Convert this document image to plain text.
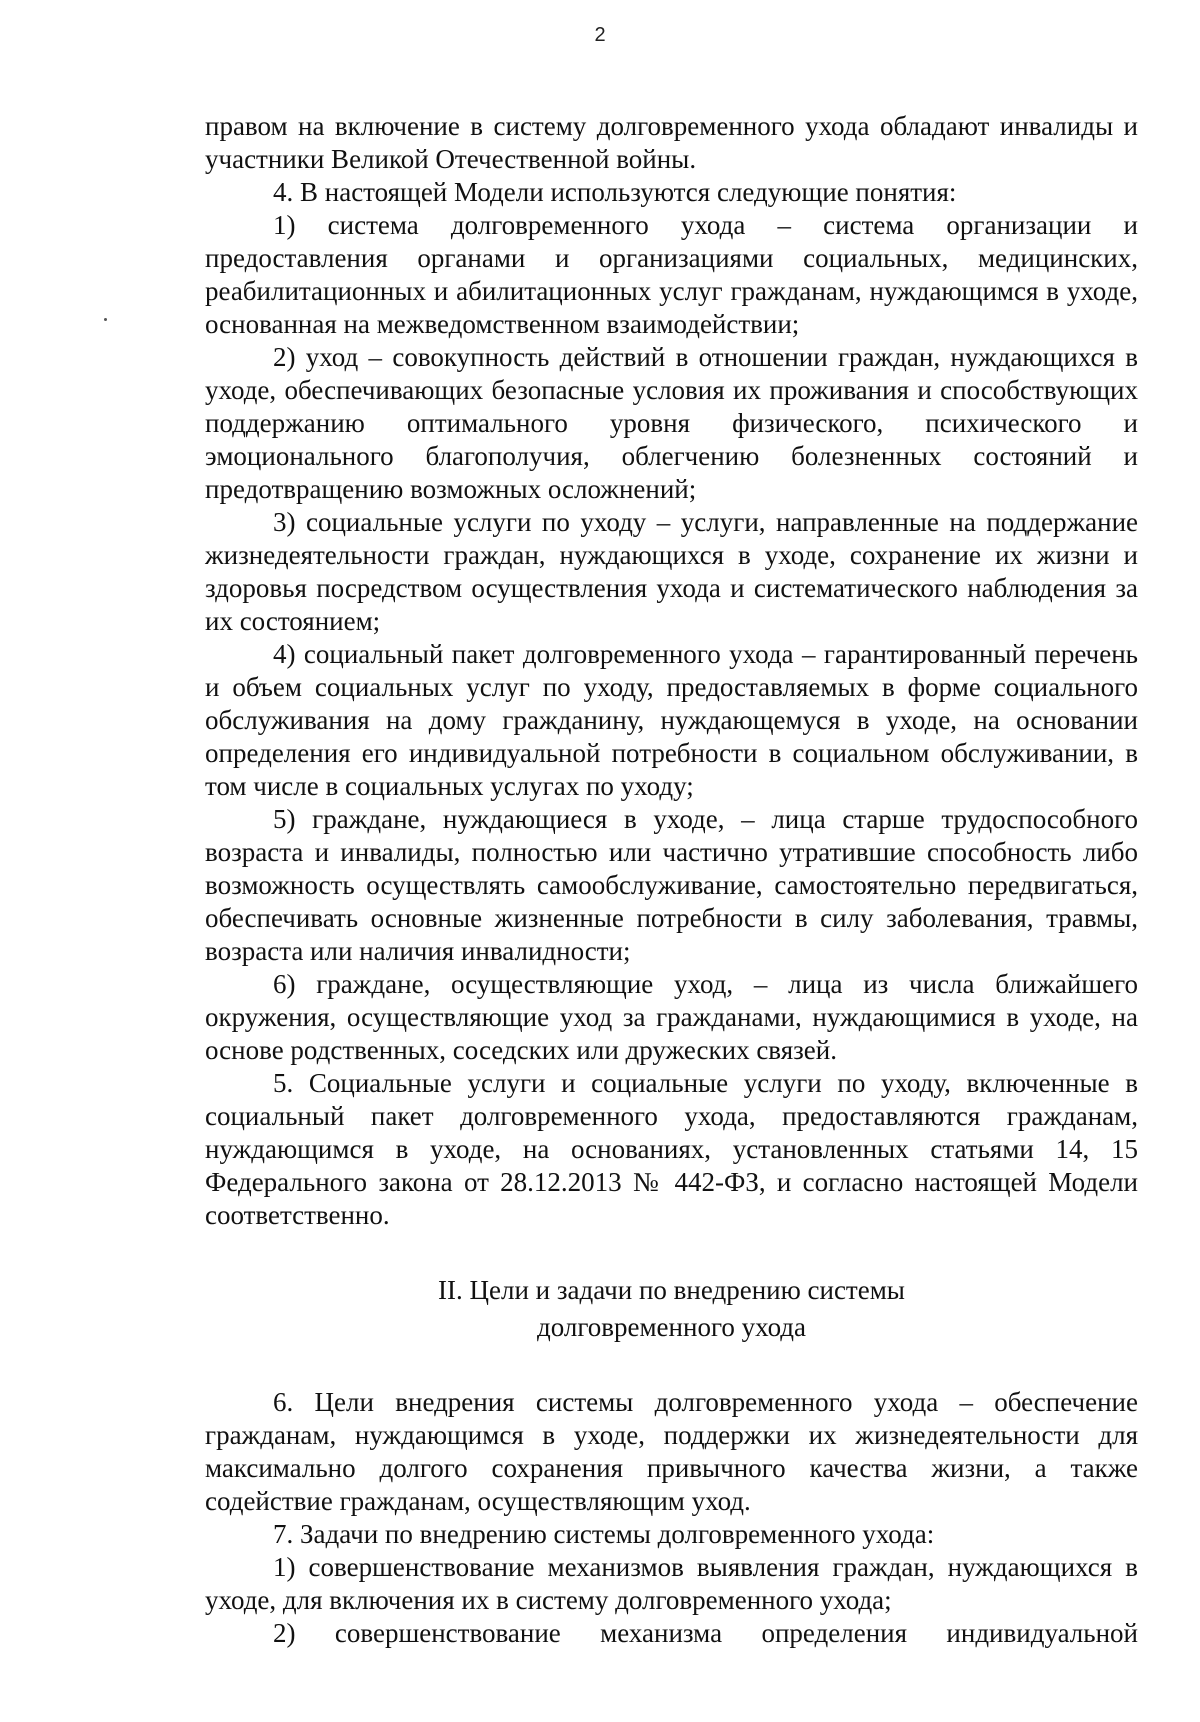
2

правом на включение в систему долговременного ухода обладают инвалиды и участники Великой Отечественной войны.

4. В настоящей Модели используются следующие понятия:

1) система долговременного ухода – система организации и предоставления органами и организациями социальных, медицинских, реабилитационных и абилитационных услуг гражданам, нуждающимся в уходе, основанная на межведомственном взаимодействии;

2) уход – совокупность действий в отношении граждан, нуждающихся в уходе, обеспечивающих безопасные условия их проживания и способствующих поддержанию оптимального уровня физического, психического и эмоционального благополучия, облегчению болезненных состояний и предотвращению возможных осложнений;

3) социальные услуги по уходу – услуги, направленные на поддержание жизнедеятельности граждан, нуждающихся в уходе, сохранение их жизни и здоровья посредством осуществления ухода и систематического наблюдения за их состоянием;

4) социальный пакет долговременного ухода – гарантированный перечень и объем социальных услуг по уходу, предоставляемых в форме социального обслуживания на дому гражданину, нуждающемуся в уходе, на основании определения его индивидуальной потребности в социальном обслуживании, в том числе в социальных услугах по уходу;

5) граждане, нуждающиеся в уходе, – лица старше трудоспособного возраста и инвалиды, полностью или частично утратившие способность либо возможность осуществлять самообслуживание, самостоятельно передвигаться, обеспечивать основные жизненные потребности в силу заболевания, травмы, возраста или наличия инвалидности;

6) граждане, осуществляющие уход, – лица из числа ближайшего окружения, осуществляющие уход за гражданами, нуждающимися в уходе, на основе родственных, соседских или дружеских связей.

5. Социальные услуги и социальные услуги по уходу, включенные в социальный пакет долговременного ухода, предоставляются гражданам, нуждающимся в уходе, на основаниях, установленных статьями 14, 15 Федерального закона от 28.12.2013 № 442-ФЗ, и согласно настоящей Модели соответственно.

II. Цели и задачи по внедрению системы
долговременного ухода

6. Цели внедрения системы долговременного ухода – обеспечение гражданам, нуждающимся в уходе, поддержки их жизнедеятельности для максимально долгого сохранения привычного качества жизни, а также содействие гражданам, осуществляющим уход.

7. Задачи по внедрению системы долговременного ухода:

1) совершенствование механизмов выявления граждан, нуждающихся в уходе, для включения их в систему долговременного ухода;

2) совершенствование механизма определения индивидуальной
